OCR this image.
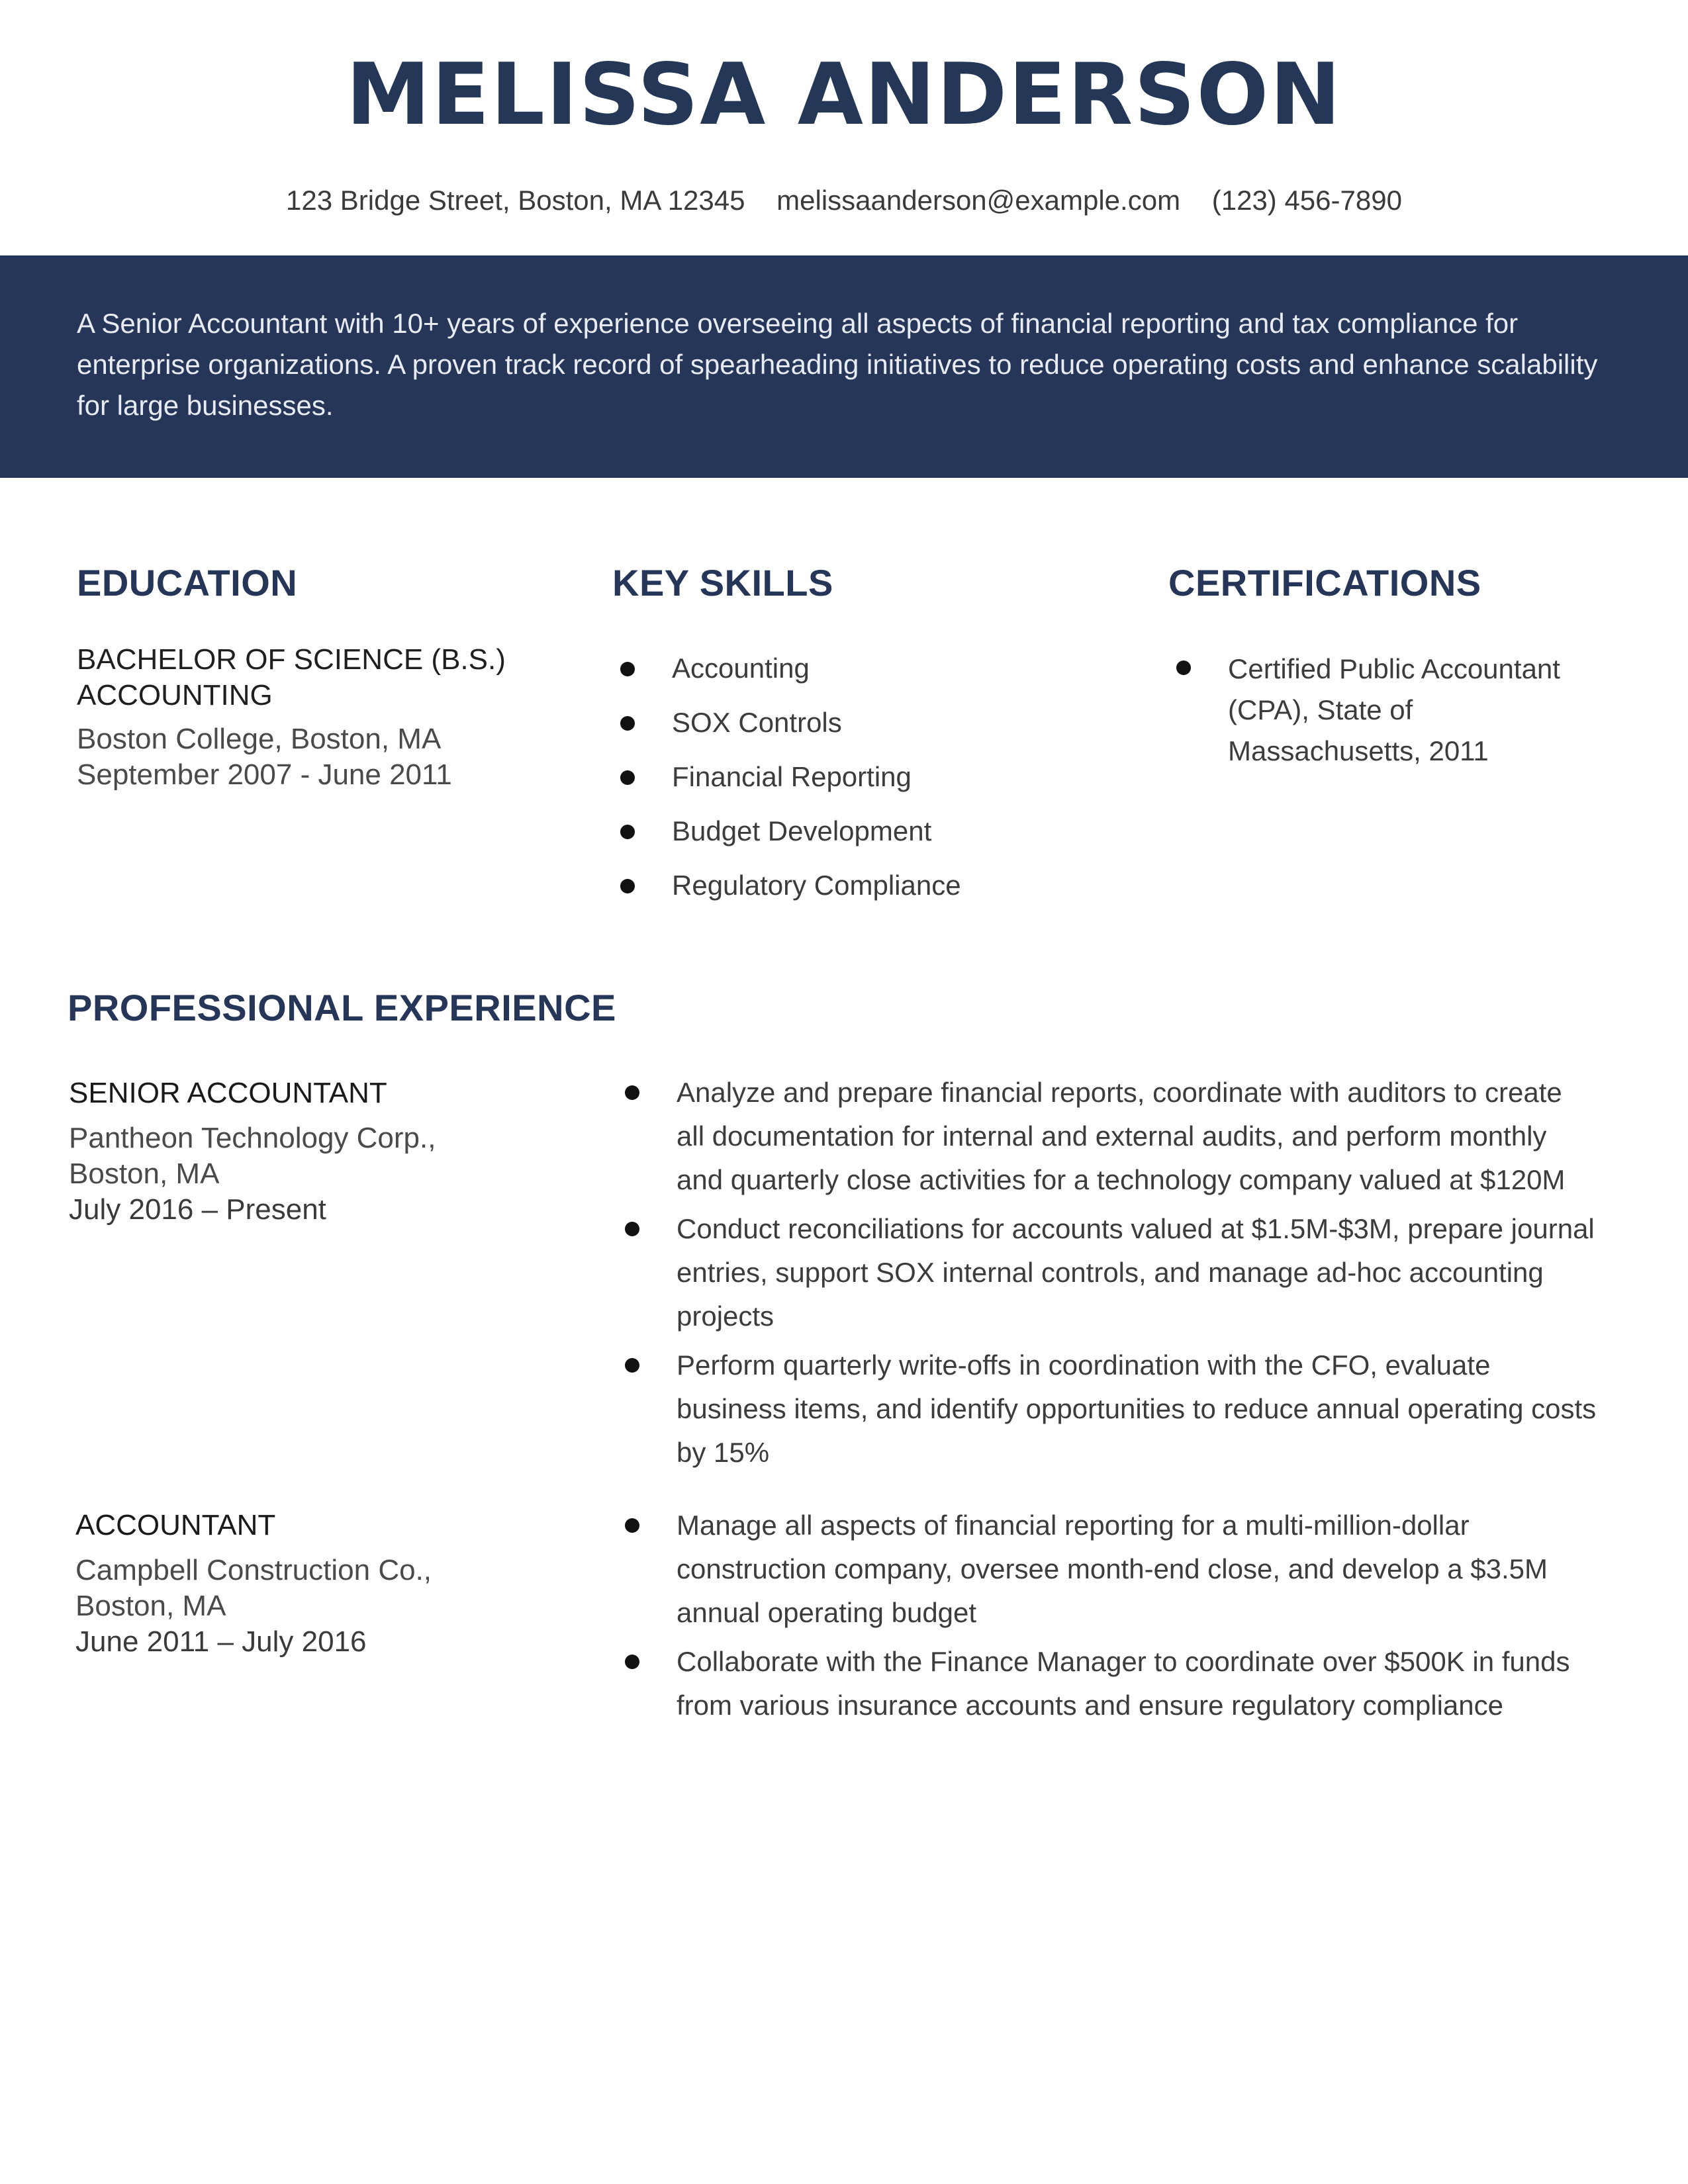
MELISSA ANDERSON
123 Bridge Street, Boston, MA 12345 melissaanderson@example.com (123) 456-7890
A Senior Accountant with 10+ years of experience overseeing all aspects of financial reporting and tax compliance for enterprise organizations. A proven track record of spearheading initiatives to reduce operating costs and enhance scalability for large businesses.
EDUCATION
BACHELOR OF SCIENCE (B.S.) ACCOUNTING
Boston College, Boston, MA
September 2007 - June 2011
KEY SKILLS
Accounting
SOX Controls
Financial Reporting
Budget Development
Regulatory Compliance
CERTIFICATIONS
Certified Public Accountant (CPA), State of Massachusetts, 2011
PROFESSIONAL EXPERIENCE
SENIOR ACCOUNTANT
Pantheon Technology Corp., Boston, MA
July 2016 – Present
Analyze and prepare financial reports, coordinate with auditors to create all documentation for internal and external audits, and perform monthly and quarterly close activities for a technology company valued at $120M
Conduct reconciliations for accounts valued at $1.5M-$3M, prepare journal entries, support SOX internal controls, and manage ad-hoc accounting projects
Perform quarterly write-offs in coordination with the CFO, evaluate business items, and identify opportunities to reduce annual operating costs by 15%
ACCOUNTANT
Campbell Construction Co., Boston, MA
June 2011 – July 2016
Manage all aspects of financial reporting for a multi-million-dollar construction company, oversee month-end close, and develop a $3.5M annual operating budget
Collaborate with the Finance Manager to coordinate over $500K in funds from various insurance accounts and ensure regulatory compliance
